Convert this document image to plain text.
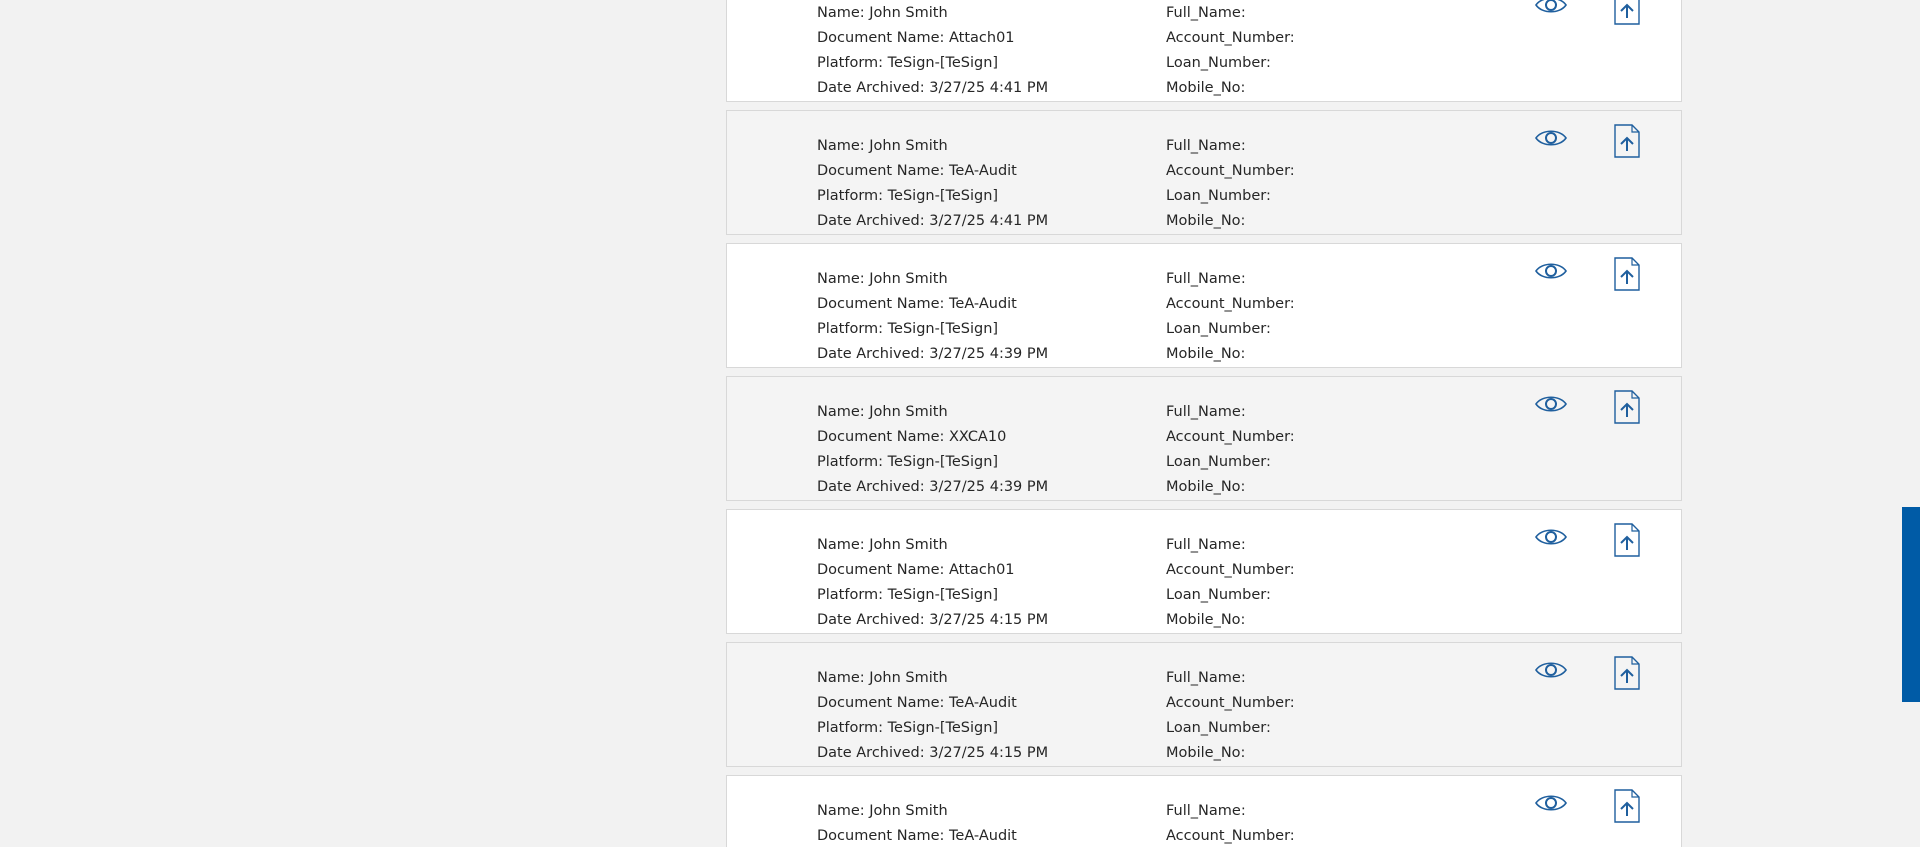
Name: John Smith
Document Name: Attach01
Platform: TeSign-[TeSign]
Date Archived: 3/27/25 4:41 PM
Full_Name:
Account_Number:
Loan_Number:
Mobile_No:
Name: John Smith
Document Name: TeA-Audit
Platform: TeSign-[TeSign]
Date Archived: 3/27/25 4:41 PM
Full_Name:
Account_Number:
Loan_Number:
Mobile_No:
Name: John Smith
Document Name: TeA-Audit
Platform: TeSign-[TeSign]
Date Archived: 3/27/25 4:39 PM
Full_Name:
Account_Number:
Loan_Number:
Mobile_No:
Name: John Smith
Document Name: XXCA10
Platform: TeSign-[TeSign]
Date Archived: 3/27/25 4:39 PM
Full_Name:
Account_Number:
Loan_Number:
Mobile_No:
Name: John Smith
Document Name: Attach01
Platform: TeSign-[TeSign]
Date Archived: 3/27/25 4:15 PM
Full_Name:
Account_Number:
Loan_Number:
Mobile_No:
Name: John Smith
Document Name: TeA-Audit
Platform: TeSign-[TeSign]
Date Archived: 3/27/25 4:15 PM
Full_Name:
Account_Number:
Loan_Number:
Mobile_No:
Name: John Smith
Document Name: TeA-Audit
Full_Name:
Account_Number:
